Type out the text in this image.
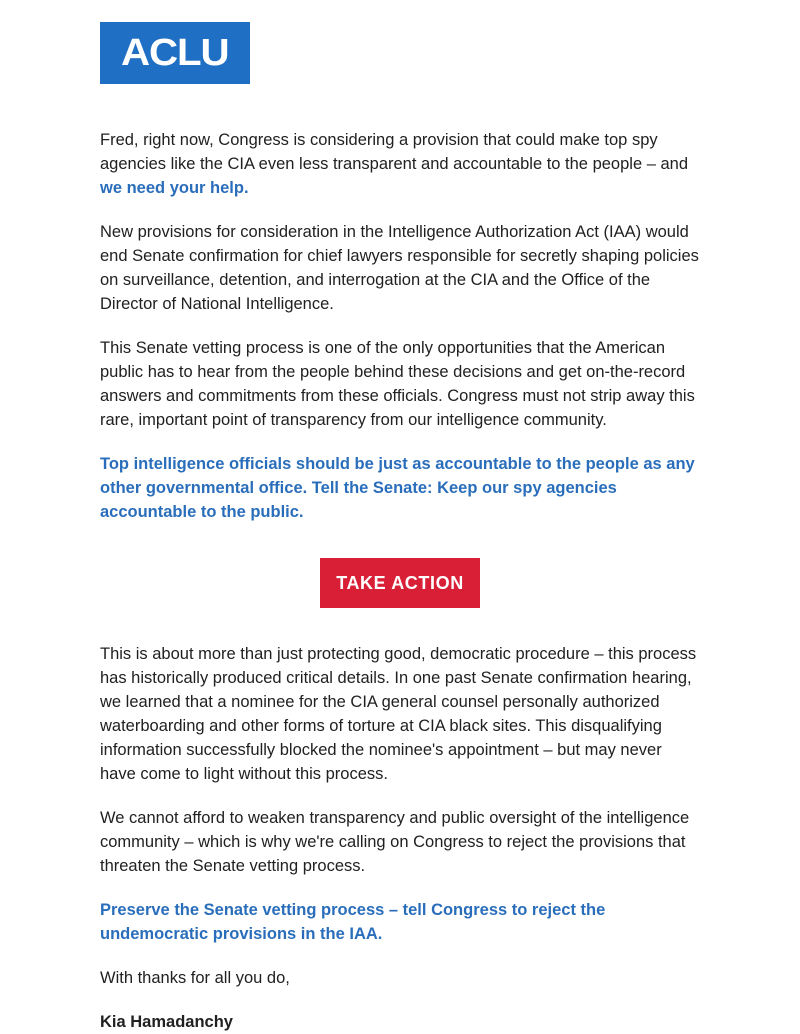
ACLU

Fred, right now, Congress is considering a provision that could make top spy agencies like the CIA even less transparent and accountable to the people – and we need your help.

New provisions for consideration in the Intelligence Authorization Act (IAA) would end Senate confirmation for chief lawyers responsible for secretly shaping policies on surveillance, detention, and interrogation at the CIA and the Office of the Director of National Intelligence.

This Senate vetting process is one of the only opportunities that the American public has to hear from the people behind these decisions and get on-the-record answers and commitments from these officials. Congress must not strip away this rare, important point of transparency from our intelligence community.

Top intelligence officials should be just as accountable to the people as any other governmental office. Tell the Senate: Keep our spy agencies accountable to the public.
TAKE ACTION

This is about more than just protecting good, democratic procedure – this process has historically produced critical details. In one past Senate confirmation hearing, we learned that a nominee for the CIA general counsel personally authorized waterboarding and other forms of torture at CIA black sites. This disqualifying information successfully blocked the nominee's appointment – but may never have come to light without this process.

We cannot afford to weaken transparency and public oversight of the intelligence community – which is why we're calling on Congress to reject the provisions that threaten the Senate vetting process.

Preserve the Senate vetting process – tell Congress to reject the undemocratic provisions in the IAA.

With thanks for all you do,

Kia Hamadanchy
